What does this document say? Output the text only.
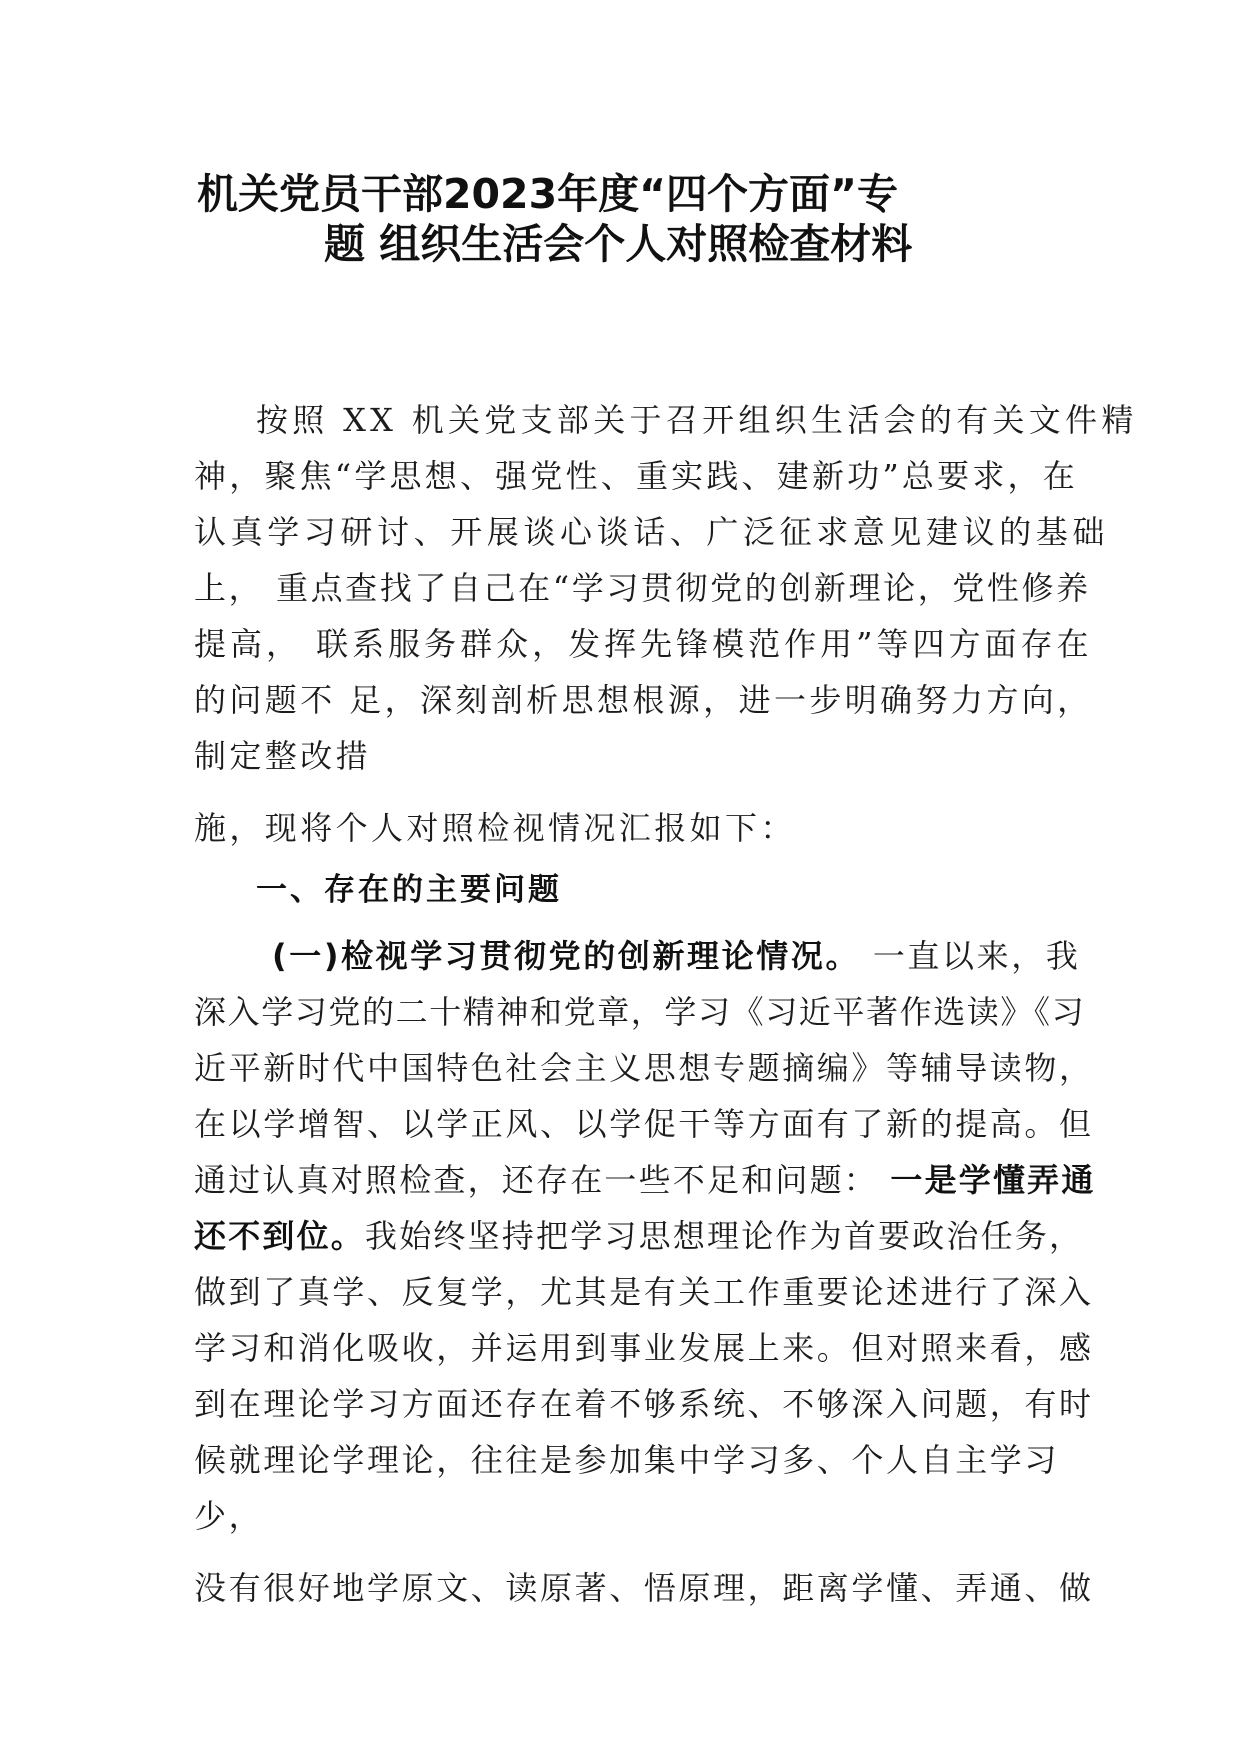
机关党员干部2023年度“四个方面”专
题 组织生活会个人对照检查材料
按照 XX 机关党支部关于召开组织生活会的有关文件精
神，聚焦“学思想、强党性、重实践、建新功”总要求，在
认真学习研讨、开展谈心谈话、广泛征求意见建议的基础
上， 重点查找了自己在“学习贯彻党的创新理论，党性修养
提高， 联系服务群众，发挥先锋模范作用”等四方面存在
的问题不 足，深刻剖析思想根源，进一步明确努力方向，
制定整改措
施，现将个人对照检视情况汇报如下：
一、存在的主要问题
(一)检视学习贯彻党的创新理论情况。 一直以来，我
深入学习党的二十精神和党章，学习《习近平著作选读》《习
近平新时代中国特色社会主义思想专题摘编》等辅导读物，
在以学增智、以学正风、以学促干等方面有了新的提高。但
通过认真对照检查，还存在一些不足和问题： 一是学懂弄通
还不到位。我始终坚持把学习思想理论作为首要政治任务，
做到了真学、反复学，尤其是有关工作重要论述进行了深入
学习和消化吸收，并运用到事业发展上来。但对照来看，感
到在理论学习方面还存在着不够系统、不够深入问题，有时
候就理论学理论，往往是参加集中学习多、个人自主学习
少，
没有很好地学原文、读原著、悟原理，距离学懂、弄通、做
